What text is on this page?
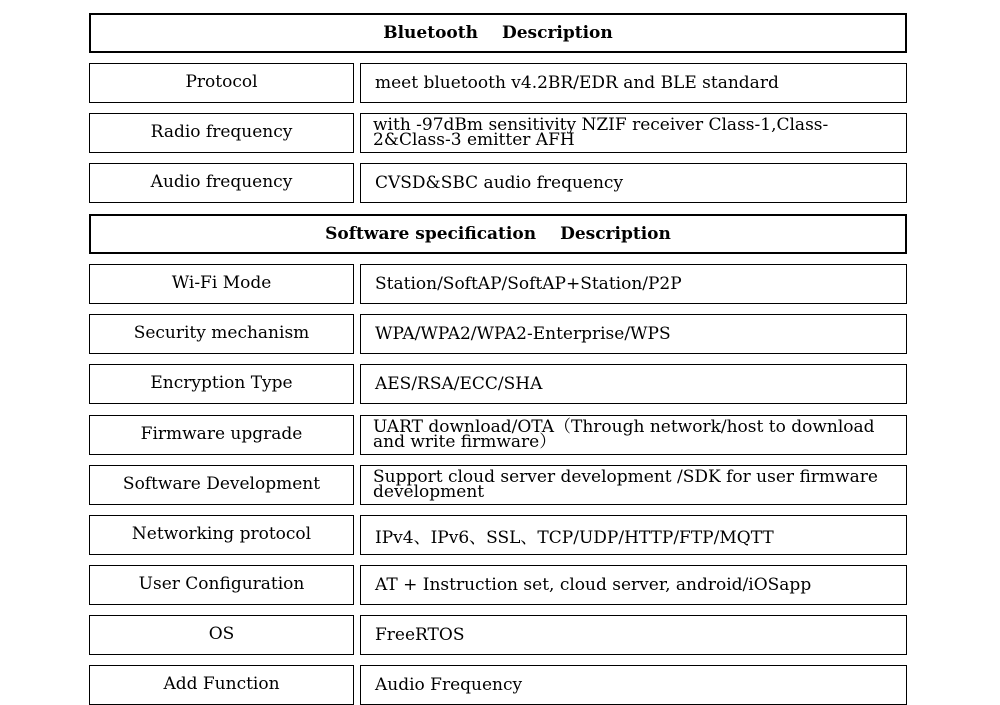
Bluetooth Description
Protocol	meet bluetooth v4.2BR/EDR and BLE standard
Radio frequency	with -97dBm sensitivity NZIF receiver Class-1,Class-2&Class-3 emitter AFH
Audio frequency	CVSD&SBC audio frequency
Software specification Description
Wi-Fi Mode	Station/SoftAP/SoftAP+Station/P2P
Security mechanism	WPA/WPA2/WPA2-Enterprise/WPS
Encryption Type	AES/RSA/ECC/SHA
Firmware upgrade	UART download/OTA（Through network/host to download and write firmware）
Software Development	Support cloud server development /SDK for user firmware development
Networking protocol	IPv4、IPv6、SSL、TCP/UDP/HTTP/FTP/MQTT
User Configuration	AT + Instruction set, cloud server, android/iOSapp
OS	FreeRTOS
Add Function	Audio Frequency
